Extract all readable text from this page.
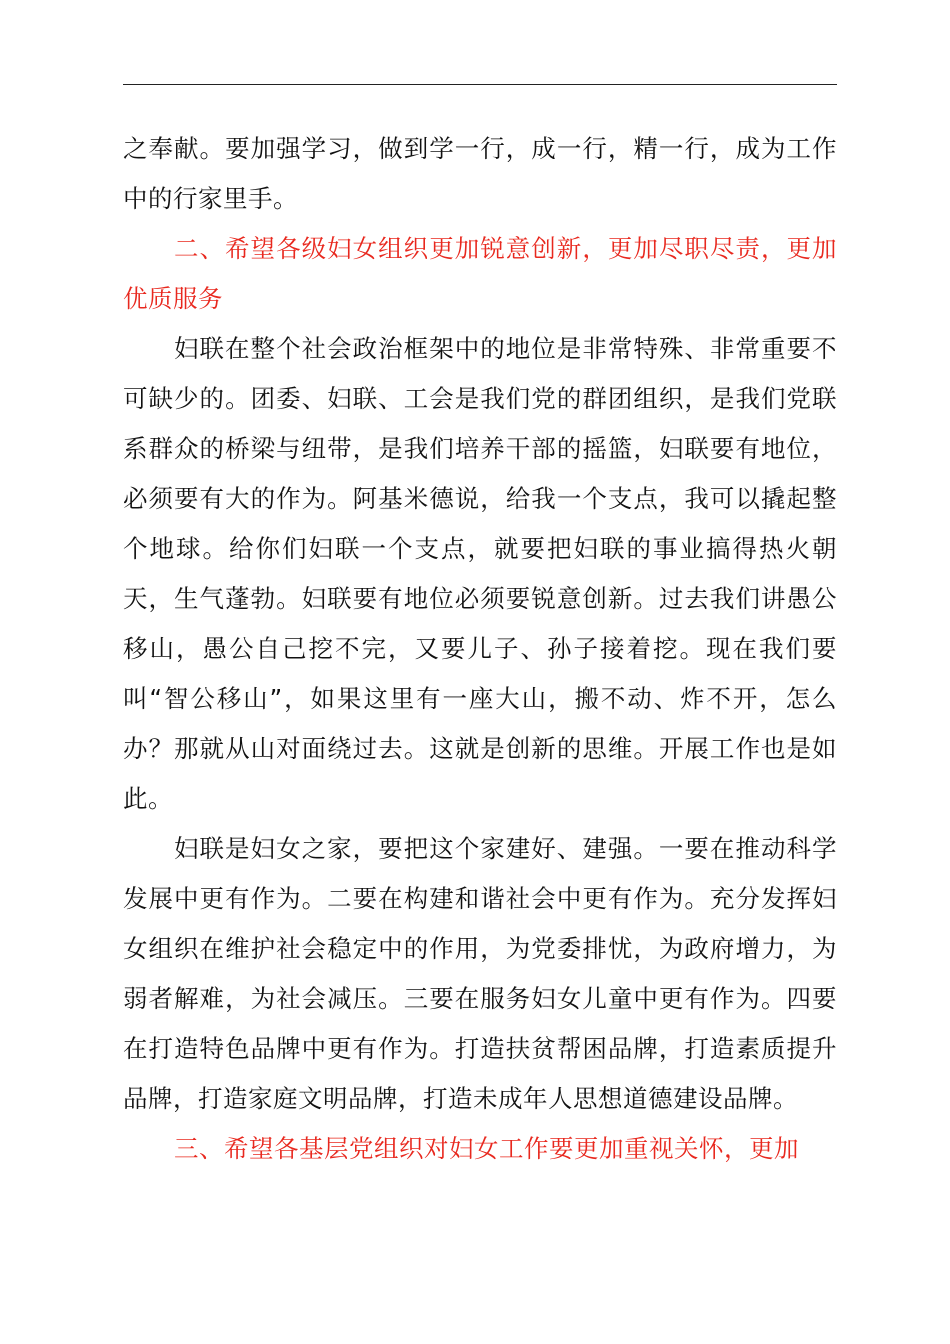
之奉献。要加强学习，做到学一行，成一行，精一行，成为工作中的行家里手。

二、希望各级妇女组织更加锐意创新，更加尽职尽责，更加优质服务

妇联在整个社会政治框架中的地位是非常特殊、非常重要不可缺少的。团委、妇联、工会是我们党的群团组织，是我们党联系群众的桥梁与纽带，是我们培养干部的摇篮，妇联要有地位，必须要有大的作为。阿基米德说，给我一个支点，我可以撬起整个地球。给你们妇联一个支点，就要把妇联的事业搞得热火朝天，生气蓬勃。妇联要有地位必须要锐意创新。过去我们讲愚公移山，愚公自己挖不完，又要儿子、孙子接着挖。现在我们要叫“智公移山”，如果这里有一座大山，搬不动、炸不开，怎么办？那就从山对面绕过去。这就是创新的思维。开展工作也是如此。

妇联是妇女之家，要把这个家建好、建强。一要在推动科学发展中更有作为。二要在构建和谐社会中更有作为。充分发挥妇女组织在维护社会稳定中的作用，为党委排忧，为政府增力，为弱者解难，为社会减压。三要在服务妇女儿童中更有作为。四要在打造特色品牌中更有作为。打造扶贫帮困品牌，打造素质提升品牌，打造家庭文明品牌，打造未成年人思想道德建设品牌。

三、希望各基层党组织对妇女工作要更加重视关怀，更加
